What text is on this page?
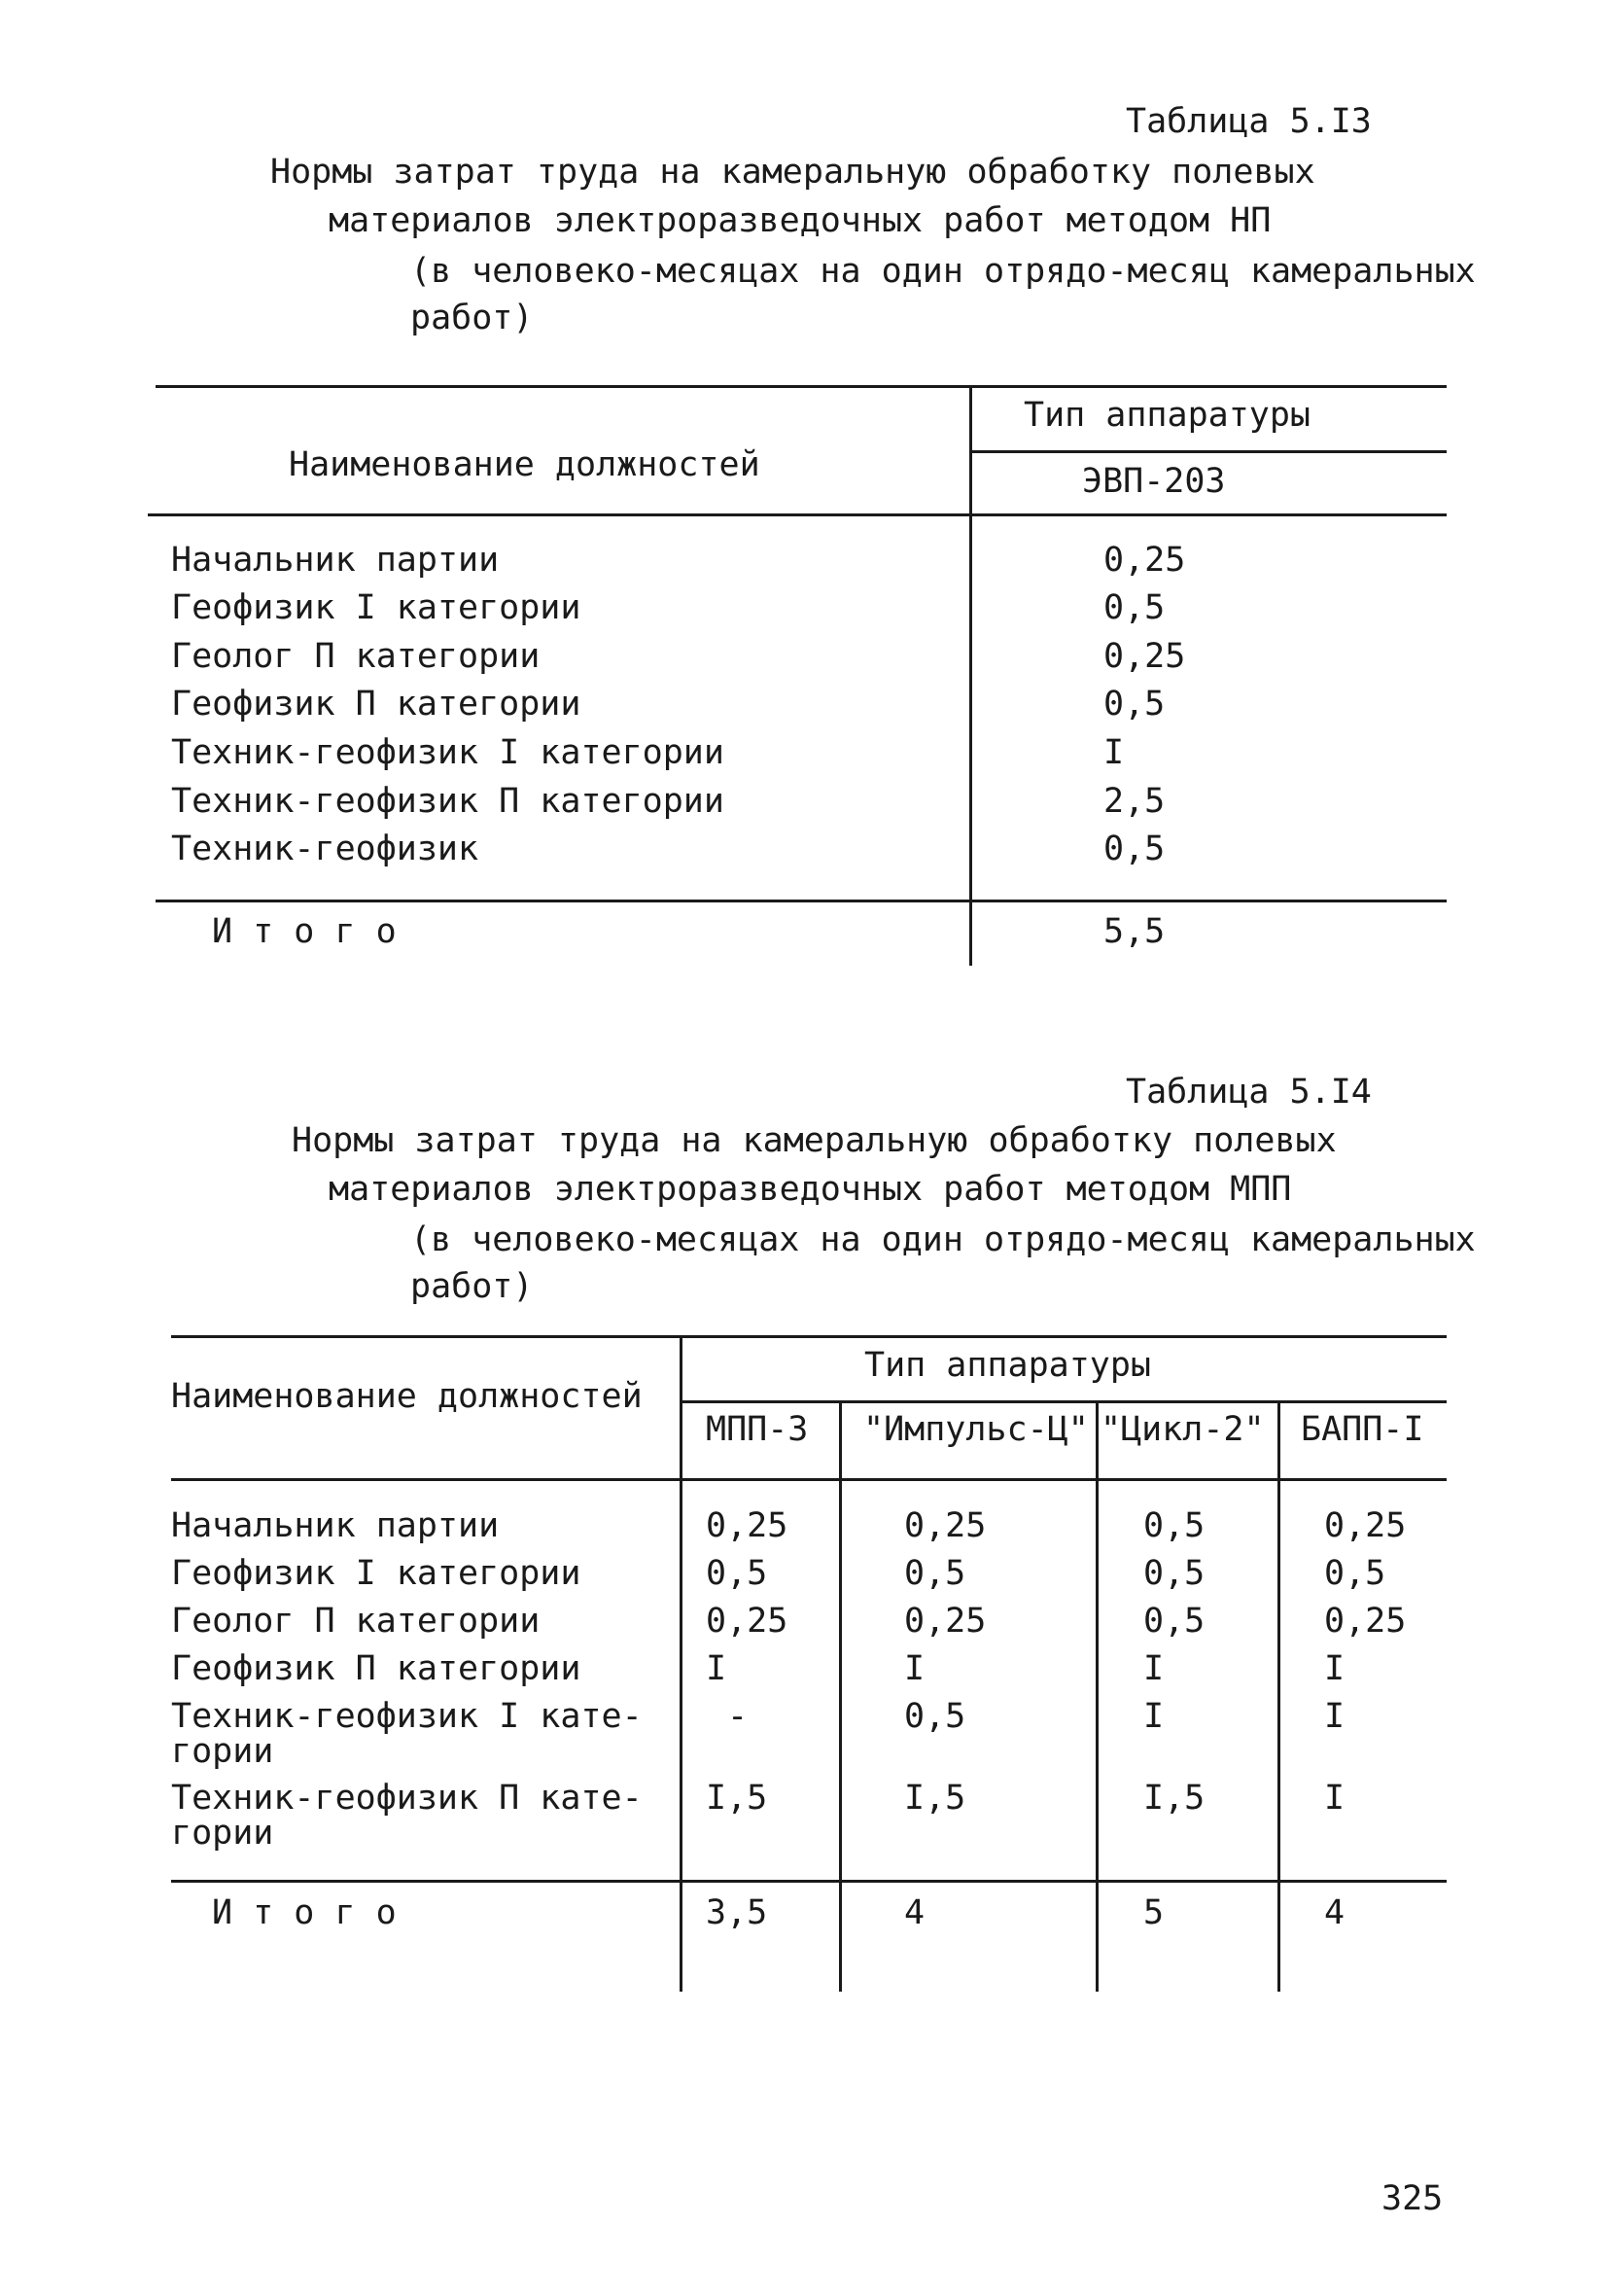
Таблица 5.I3
Нормы затрат труда на камеральную обработку полевых
материалов электроразведочных работ методом НП
(в человеко-месяцах на один отрядо-месяц камеральных
работ)
Наименование должностей
Тип аппаратуры
ЭВП-203
Начальник партии	0,25
Геофизик I категории	0,5
Геолог П категории	0,25
Геофизик П категории	0,5
Техник-геофизик I категории	I
Техник-геофизик П категории	2,5
Техник-геофизик	0,5
И т о г о	5,5
Таблица 5.I4
Нормы затрат труда на камеральную обработку полевых
материалов электроразведочных работ методом МПП
(в человеко-месяцах на один отрядо-месяц камеральных
работ)
Наименование должностей
Тип аппаратуры
МПП-3 "Импульс-Ц" "Цикл-2" БАПП-I
Начальник партии	0,25	0,25	0,5	0,25
Геофизик I категории	0,5	0,5	0,5	0,5
Геолог П категории	0,25	0,25	0,5	0,25
Геофизик П категории	I	I	I	I
Техник-геофизик I кате-
гории
-	0,5	I	I
Техник-геофизик П кате-
гории
I,5	I,5	I,5	I
И т о г о	3,5	4	5	4
325
